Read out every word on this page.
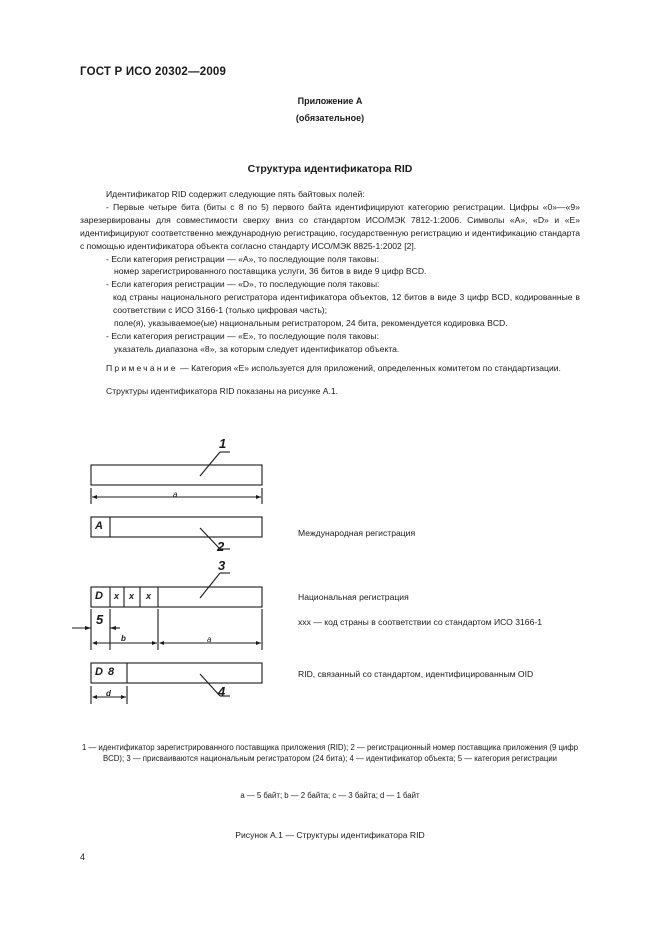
ГОСТ Р ИСО 20302—2009
Приложение A
(обязательное)
Структура идентификатора RID

Идентификатор RID содержит следующие пять байтовых полей:

- Первые четыре бита (биты с 8 по 5) первого байта идентифицируют категорию регистрации. Цифры «0»—«9» зарезервированы для совместимости сверху вниз со стандартом ИСО/МЭК 7812-1:2006. Символы «A», «D» и «E» идентифицируют соответственно международную регистрацию, государственную регистрацию и идентификацию стандарта с помощью идентификатора объекта согласно стандарту ИСО/МЭК 8825-1:2002 [2].

- Если категория регистрации — «A», то последующие поля таковы:

номер зарегистрированного поставщика услуги, 36 битов в виде 9 цифр BCD.

- Если категория регистрации — «D», то последующие поля таковы:

код страны национального регистратора идентификатора объектов, 12 битов в виде 3 цифр BCD, кодированные в соответствии с ИСО 3166-1 (только цифровая часть);

поле(я), указываемое(ые) национальным регистратором, 24 бита, рекомендуется кодировка BCD.

- Если категория регистрации — «E», то последующие поля таковы:

указатель диапазона «8», за которым следует идентификатор объекта.

Примечание — Категория «E» используется для приложений, определенных комитетом по стандартизации.

Структуры идентификатора RID показаны на рисунке A.1.

1
a
A
2
Международная регистрация
3
D x x x
5
b	a
Национальная регистрация
xxx — код страны в соответствии со стандартом ИСО 3166-1
D 8
4
d
RID, связанный со стандартом, идентифицированным OID
1 — идентификатор зарегистрированного поставщика приложения (RID); 2 — регистрационный номер поставщика приложения (9 цифр BCD); 3 — присваиваются национальным регистратором (24 бита); 4 — идентификатор объекта; 5 — категория регистрации
a — 5 байт; b — 2 байта; c — 3 байта; d — 1 байт
Рисунок A.1 — Структуры идентификатора RID
4
